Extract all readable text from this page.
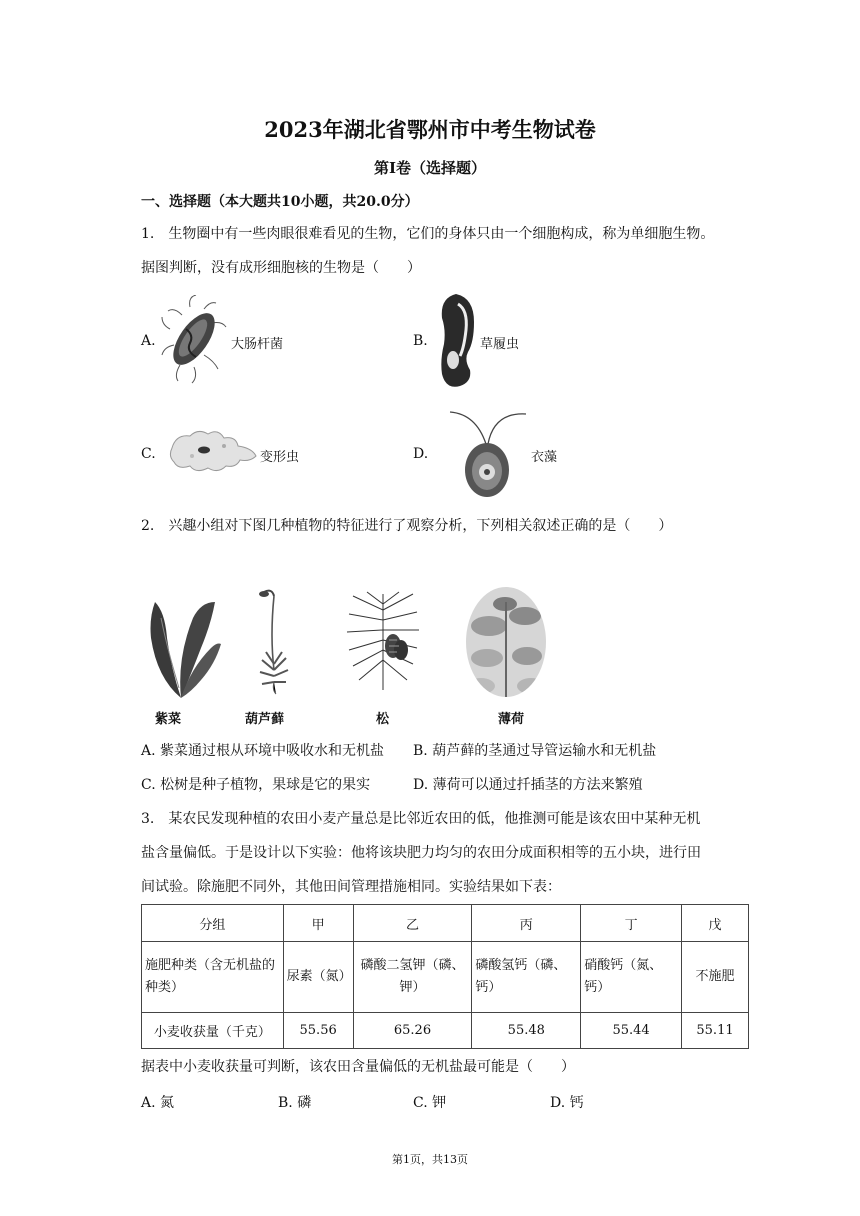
2023年湖北省鄂州市中考生物试卷
第I卷（选择题）
一、选择题（本大题共10小题，共20.0分）
1.　生物圈中有一些肉眼很难看见的生物，它们的身体只由一个细胞构成，称为单细胞生物。
据图判断，没有成形细胞核的生物是（　　）
A.	大肠杆菌	B.	草履虫
C.	变形虫	D.	衣藻
2.　兴趣小组对下图几种植物的特征进行了观察分析，下列相关叙述正确的是（　　）
紫菜	葫芦藓	松	薄荷
A. 紫菜通过根从环境中吸收水和无机盐 B. 葫芦藓的茎通过导管运输水和无机盐
C. 松树是种子植物，果球是它的果实	D. 薄荷可以通过扦插茎的方法来繁殖
3.　某农民发现种植的农田小麦产量总是比邻近农田的低，他推测可能是该农田中某种无机
盐含量偏低。于是设计以下实验：他将该块肥力均匀的农田分成面积相等的五小块，进行田
间试验。除施肥不同外，其他田间管理措施相同。实验结果如下表：
分组	甲	乙	丙	丁	戊
施肥种类（含无机盐的种类）	尿素（氮）	磷酸二氢钾（磷、钾）	磷酸氢钙（磷、钙）	硝酸钙（氮、钙）	不施肥
小麦收获量（千克）	55.56	65.26	55.48	55.44	55.11
据表中小麦收获量可判断，该农田含量偏低的无机盐最可能是（　　）
A. 氮	B. 磷	C. 钾	D. 钙
第1页，共13页
